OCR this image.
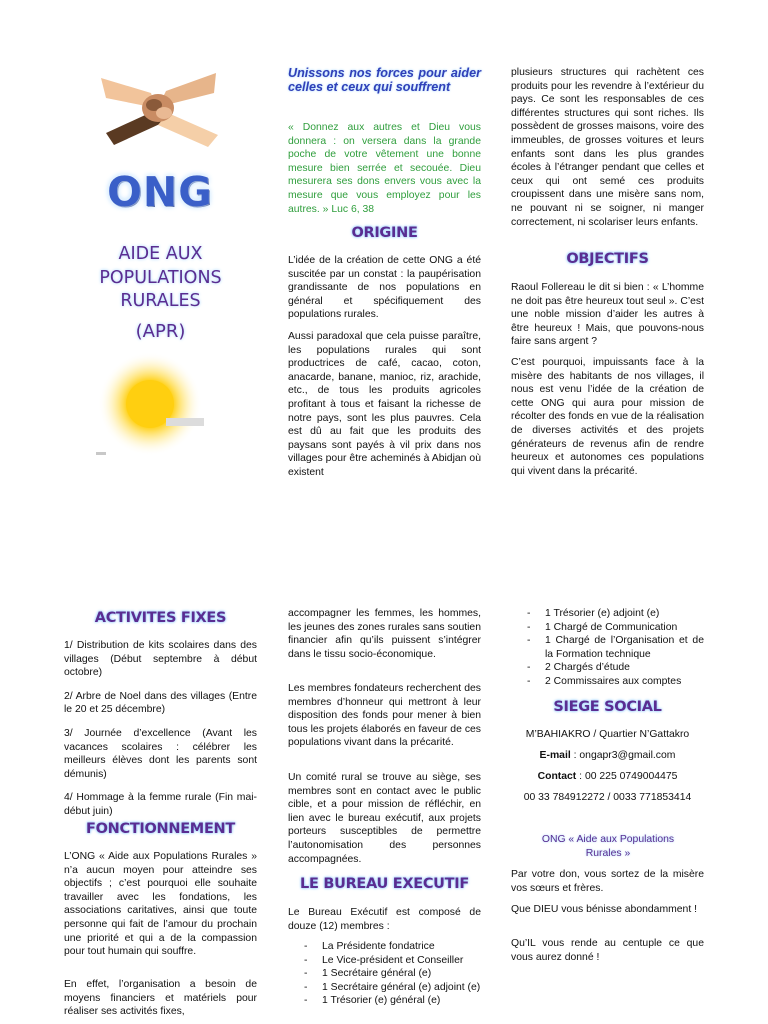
ONG
AIDE AUX
POPULATIONS
RURALES
(APR)
Unissons nos forces pour aider celles et ceux qui souffrent
« Donnez aux autres et Dieu vous donnera : on versera dans la grande poche de votre vêtement une bonne mesure bien serrée et secouée. Dieu mesurera ses dons envers vous avec la mesure que vous employez pour les autres. » Luc 6, 38
ORIGINE
L’idée de la création de cette ONG a été suscitée par un constat : la paupérisation grandissante de nos populations en général et spécifiquement des populations rurales.
Aussi paradoxal que cela puisse paraître, les populations rurales qui sont productrices de café, cacao, coton, anacarde, banane, manioc, riz, arachide, etc., de tous les produits agricoles profitant à tous et faisant la richesse de notre pays, sont les plus pauvres. Cela est dû au fait que les produits des paysans sont payés à vil prix dans nos villages pour être acheminés à Abidjan où existent
plusieurs structures qui rachètent ces produits pour les revendre à l’extérieur du pays. Ce sont les responsables de ces différentes structures qui sont riches. Ils possèdent de grosses maisons, voire des immeubles, de grosses voitures et leurs enfants sont dans les plus grandes écoles à l’étranger pendant que celles et ceux qui ont semé ces produits croupissent dans une misère sans nom, ne pouvant ni se soigner, ni manger correctement, ni scolariser leurs enfants.
OBJECTIFS
Raoul Follereau le dit si bien : « L’homme ne doit pas être heureux tout seul ». C’est une noble mission d’aider les autres à être heureux ! Mais, que pouvons-nous faire sans argent ?
C’est pourquoi, impuissants face à la misère des habitants de nos villages, il nous est venu l’idée de la création de cette ONG qui aura pour mission de récolter des fonds en vue de la réalisation de diverses activités et des projets générateurs de revenus afin de rendre heureux et autonomes ces populations qui vivent dans la précarité.
ACTIVITES FIXES

1/ Distribution de kits scolaires dans des villages (Début septembre à début octobre)

2/ Arbre de Noel dans des villages (Entre le 20 et 25 décembre)

3/ Journée d’excellence (Avant les vacances scolaires : célébrer les meilleurs élèves dont les parents sont démunis)

4/ Hommage à la femme rurale (Fin mai- début juin)

FONCTIONNEMENT
L’ONG « Aide aux Populations Rurales » n’a aucun moyen pour atteindre ses objectifs ; c’est pourquoi elle souhaite travailler avec les fondations, les associations caritatives, ainsi que toute personne qui fait de l’amour du prochain une priorité et qui a de la compassion pour tout humain qui souffre.
En effet, l’organisation a besoin de moyens financiers et matériels pour réaliser ses activités fixes,
accompagner les femmes, les hommes, les jeunes des zones rurales sans soutien financier afin qu’ils puissent s’intégrer dans le tissu socio-économique.
Les membres fondateurs recherchent des membres d’honneur qui mettront à leur disposition des fonds pour mener à bien tous les projets élaborés en faveur de ces populations vivant dans la précarité.
Un comité rural se trouve au siège, ses membres sont en contact avec le public cible, et a pour mission de réfléchir, en lien avec le bureau exécutif, aux projets porteurs susceptibles de permettre l’autonomisation des personnes accompagnées.
LE BUREAU EXECUTIF
Le Bureau Exécutif est composé de douze (12) membres :
- La Présidente fondatrice
- Le Vice-président et Conseiller
- 1 Secrétaire général (e)
- 1 Secrétaire général (e) adjoint (e)
- 1 Trésorier (e) général (e)
- 1 Trésorier (e) adjoint (e)
- 1 Chargé de Communication
- 1 Chargé de l’Organisation et de la Formation technique
- 2 Chargés d’étude
- 2 Commissaires aux comptes
SIEGE SOCIAL
M’BAHIAKRO / Quartier N’Gattakro
E-mail : ongapr3@gmail.com
Contact : 00 225 0749004475
00 33 784912272 / 0033 771853414
ONG « Aide aux Populations Rurales »
Par votre don, vous sortez de la misère vos sœurs et frères.
Que DIEU vous bénisse abondamment !
Qu’IL vous rende au centuple ce que vous aurez donné !
